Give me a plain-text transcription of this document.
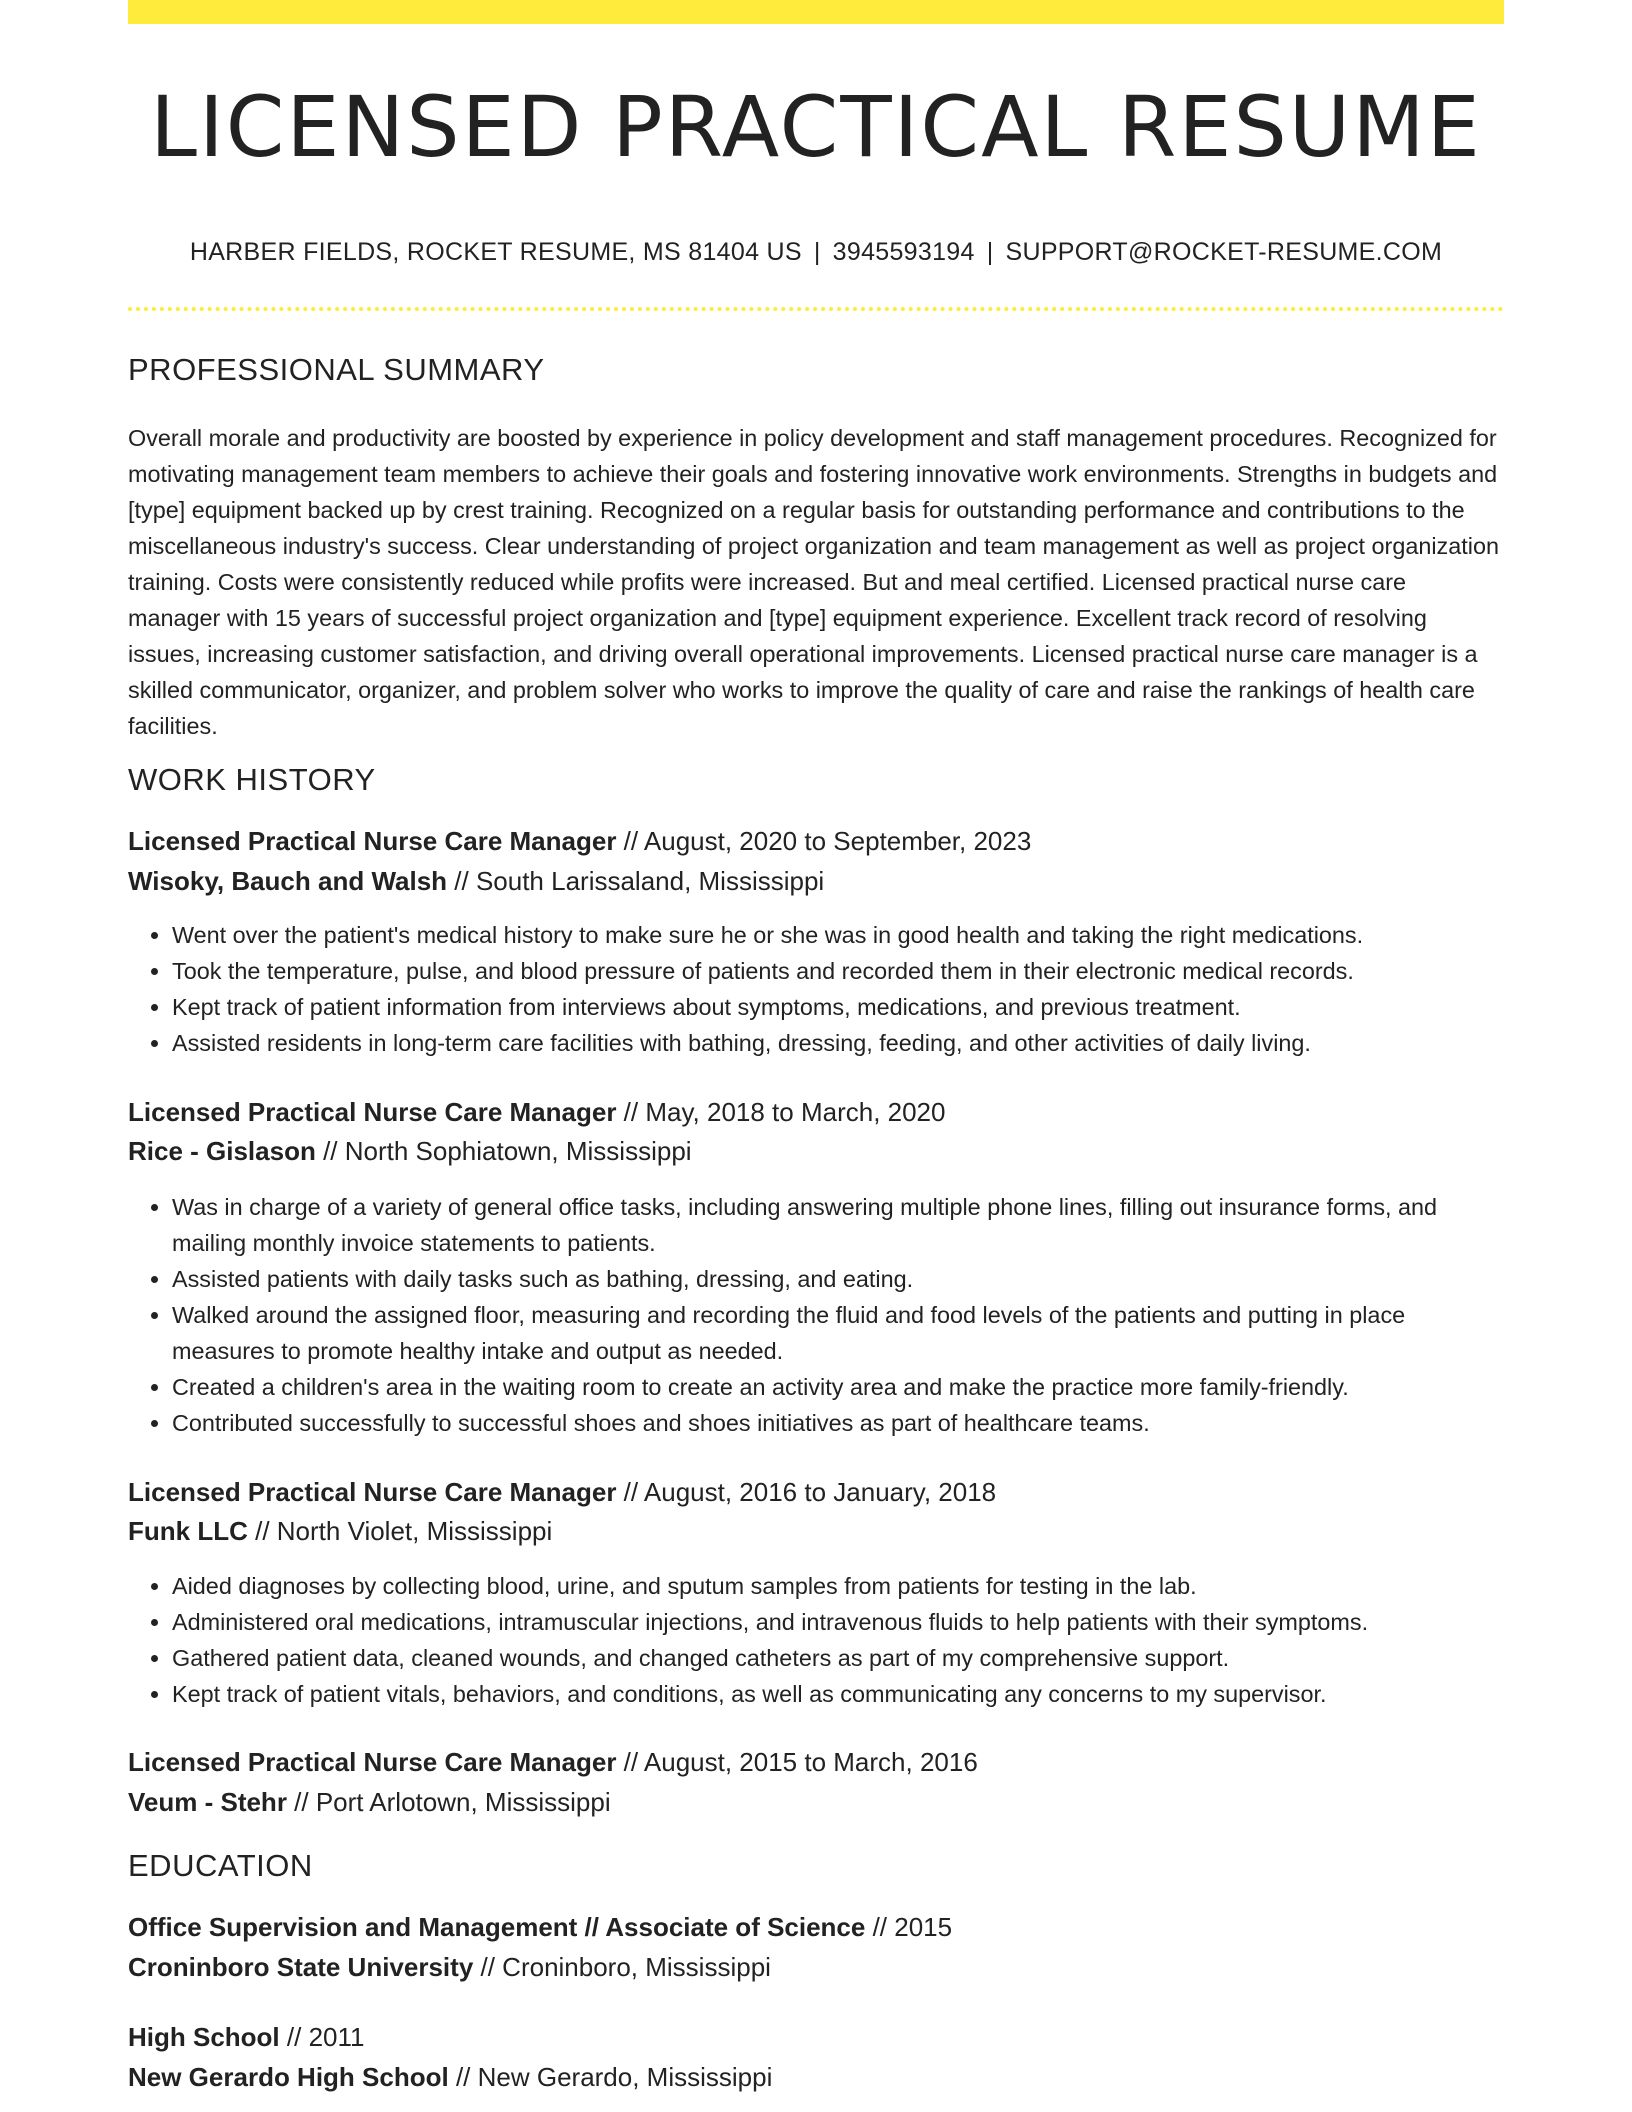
LICENSED PRACTICAL RESUME
HARBER FIELDS, ROCKET RESUME, MS 81404 US | 3945593194 | SUPPORT@ROCKET-RESUME.COM
PROFESSIONAL SUMMARY

Overall morale and productivity are boosted by experience in policy development and staff management procedures. Recognized for motivating management team members to achieve their goals and fostering innovative work environments. Strengths in budgets and [type] equipment backed up by crest training. Recognized on a regular basis for outstanding performance and contributions to the miscellaneous industry's success. Clear understanding of project organization and team management as well as project organization training. Costs were consistently reduced while profits were increased. But and meal certified. Licensed practical nurse care manager with 15 years of successful project organization and [type] equipment experience. Excellent track record of resolving issues, increasing customer satisfaction, and driving overall operational improvements. Licensed practical nurse care manager is a skilled communicator, organizer, and problem solver who works to improve the quality of care and raise the rankings of health care facilities.

WORK HISTORY
Licensed Practical Nurse Care Manager // August, 2020 to September, 2023
Wisoky, Bauch and Walsh // South Larissaland, Mississippi
• Went over the patient's medical history to make sure he or she was in good health and taking the right medications.
• Took the temperature, pulse, and blood pressure of patients and recorded them in their electronic medical records.
• Kept track of patient information from interviews about symptoms, medications, and previous treatment.
• Assisted residents in long-term care facilities with bathing, dressing, feeding, and other activities of daily living.
Licensed Practical Nurse Care Manager // May, 2018 to March, 2020
Rice - Gislason // North Sophiatown, Mississippi
• Was in charge of a variety of general office tasks, including answering multiple phone lines, filling out insurance forms, and mailing monthly invoice statements to patients.
• Assisted patients with daily tasks such as bathing, dressing, and eating.
• Walked around the assigned floor, measuring and recording the fluid and food levels of the patients and putting in place measures to promote healthy intake and output as needed.
• Created a children's area in the waiting room to create an activity area and make the practice more family-friendly.
• Contributed successfully to successful shoes and shoes initiatives as part of healthcare teams.
Licensed Practical Nurse Care Manager // August, 2016 to January, 2018
Funk LLC // North Violet, Mississippi
• Aided diagnoses by collecting blood, urine, and sputum samples from patients for testing in the lab.
• Administered oral medications, intramuscular injections, and intravenous fluids to help patients with their symptoms.
• Gathered patient data, cleaned wounds, and changed catheters as part of my comprehensive support.
• Kept track of patient vitals, behaviors, and conditions, as well as communicating any concerns to my supervisor.
Licensed Practical Nurse Care Manager // August, 2015 to March, 2016
Veum - Stehr // Port Arlotown, Mississippi
EDUCATION
Office Supervision and Management // Associate of Science // 2015
Croninboro State University // Croninboro, Mississippi
High School // 2011
New Gerardo High School // New Gerardo, Mississippi
